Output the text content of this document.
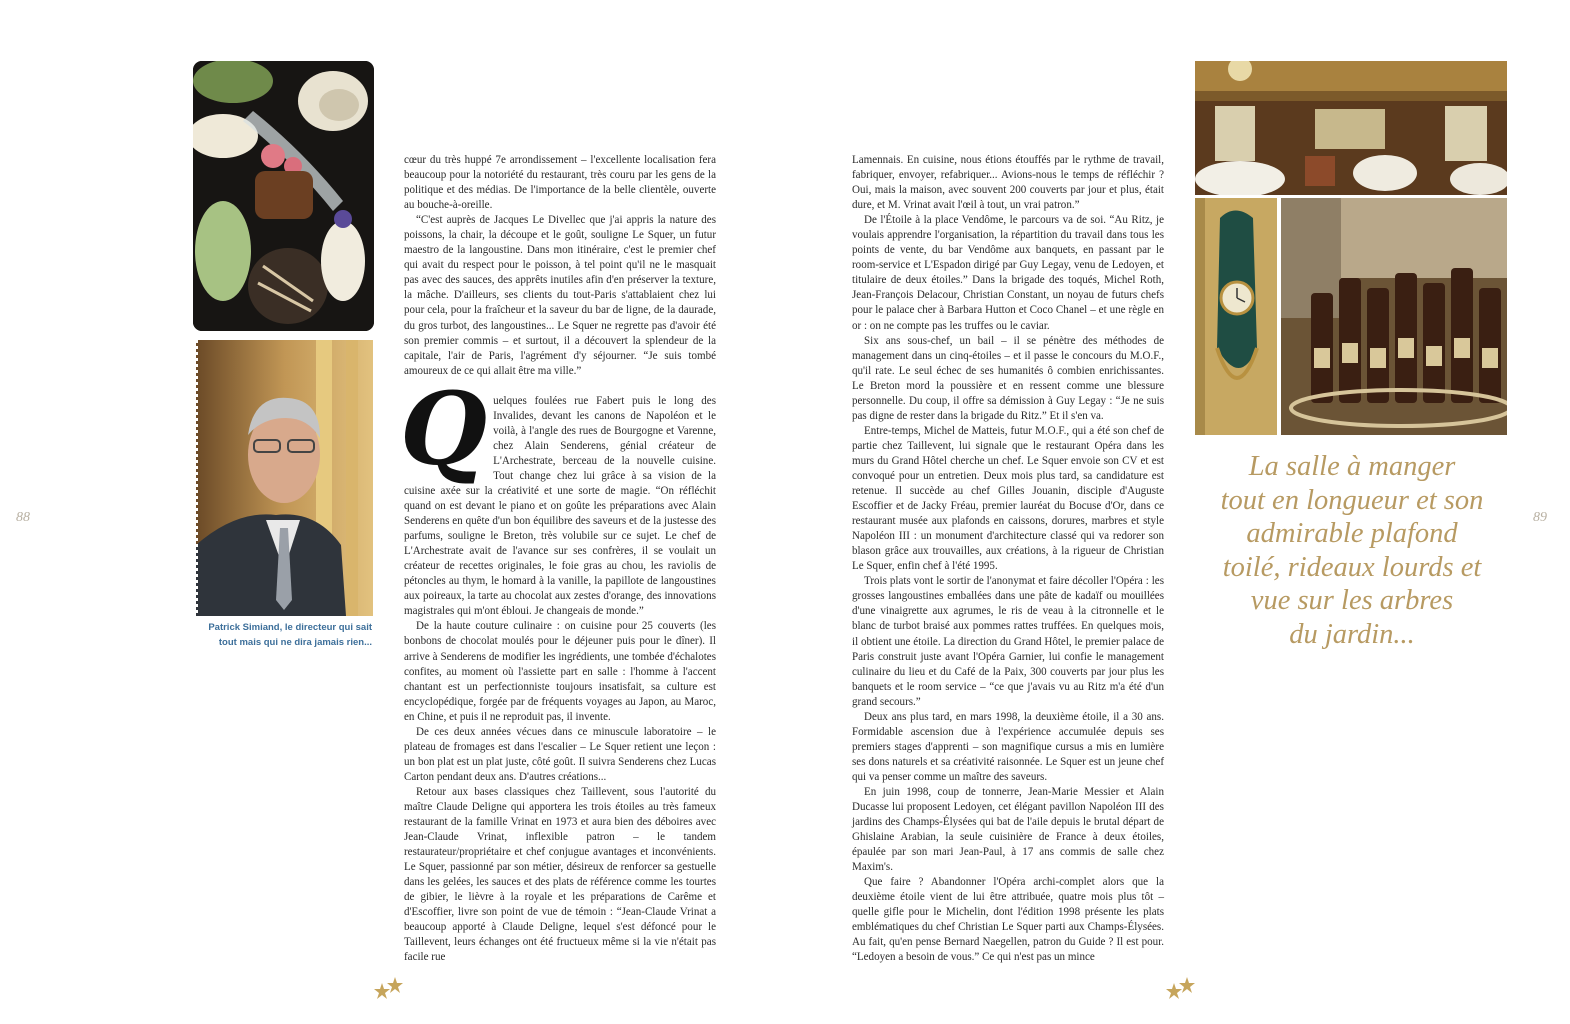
88	89
Patrick Simiand, le directeur qui sait
tout mais qui ne dira jamais rien...

cœur du très huppé 7e arrondissement – l'excellente localisation fera beaucoup pour la notoriété du restaurant, très couru par les gens de la politique et des médias. De l'importance de la belle clientèle, ouverte au bouche-à-oreille.

“C'est auprès de Jacques Le Divellec que j'ai appris la nature des poissons, la chair, la découpe et le goût, souligne Le Squer, un futur maestro de la langoustine. Dans mon itinéraire, c'est le premier chef qui avait du respect pour le poisson, à tel point qu'il ne le masquait pas avec des sauces, des apprêts inutiles afin d'en préserver la texture, la mâche. D'ailleurs, ses clients du tout-Paris s'attablaient chez lui pour cela, pour la fraîcheur et la saveur du bar de ligne, de la daurade, du gros turbot, des langoustines... Le Squer ne regrette pas d'avoir été son premier commis – et surtout, il a découvert la splendeur de la capitale, l'air de Paris, l'agrément d'y séjourner. “Je suis tombé amoureux de ce qui allait être ma ville.”

Quelques foulées rue Fabert puis le long des Invalides, devant les canons de Napoléon et le voilà, à l'angle des rues de Bourgogne et Varenne, chez Alain Senderens, génial créateur de L'Archestrate, berceau de la nouvelle cuisine. Tout change chez lui grâce à sa vision de la cuisine axée sur la créativité et une sorte de magie. “On réfléchit quand on est devant le piano et on goûte les préparations avec Alain Senderens en quête d'un bon équilibre des saveurs et de la justesse des parfums, souligne le Breton, très volubile sur ce sujet. Le chef de L'Archestrate avait de l'avance sur ses confrères, il se voulait un créateur de recettes originales, le foie gras au chou, les raviolis de pétoncles au thym, le homard à la vanille, la papillote de langoustines aux poireaux, la tarte au chocolat aux zestes d'orange, des innovations magistrales qui m'ont ébloui. Je changeais de monde.”

De la haute couture culinaire : on cuisine pour 25 couverts (les bonbons de chocolat moulés pour le déjeuner puis pour le dîner). Il arrive à Senderens de modifier les ingrédients, une tombée d'échalotes confites, au moment où l'assiette part en salle : l'homme à l'accent chantant est un perfectionniste toujours insatisfait, sa culture est encyclopédique, forgée par de fréquents voyages au Japon, au Maroc, en Chine, et puis il ne reproduit pas, il invente.

De ces deux années vécues dans ce minuscule laboratoire – le plateau de fromages est dans l'escalier – Le Squer retient une leçon : un bon plat est un plat juste, côté goût. Il suivra Senderens chez Lucas Carton pendant deux ans. D'autres créations...

Retour aux bases classiques chez Taillevent, sous l'autorité du maître Claude Deligne qui apportera les trois étoiles au très fameux restaurant de la famille Vrinat en 1973 et aura bien des déboires avec Jean-Claude Vrinat, inflexible patron – le tandem restaurateur/propriétaire et chef conjugue avantages et inconvénients. Le Squer, passionné par son métier, désireux de renforcer sa gestuelle dans les gelées, les sauces et des plats de référence comme les tourtes de gibier, le lièvre à la royale et les préparations de Carême et d'Escoffier, livre son point de vue de témoin : “Jean-Claude Vrinat a beaucoup apporté à Claude Deligne, lequel s'est défoncé pour le Taillevent, leurs échanges ont été fructueux même si la vie n'était pas facile rue

Lamennais. En cuisine, nous étions étouffés par le rythme de travail, fabriquer, envoyer, refabriquer... Avions-nous le temps de réfléchir ? Oui, mais la maison, avec souvent 200 couverts par jour et plus, était dure, et M. Vrinat avait l'œil à tout, un vrai patron.”

De l'Étoile à la place Vendôme, le parcours va de soi. “Au Ritz, je voulais apprendre l'organisation, la répartition du travail dans tous les points de vente, du bar Vendôme aux banquets, en passant par le room-service et L'Espadon dirigé par Guy Legay, venu de Ledoyen, et titulaire de deux étoiles.” Dans la brigade des toqués, Michel Roth, Jean-François Delacour, Christian Constant, un noyau de futurs chefs pour le palace cher à Barbara Hutton et Coco Chanel – et une règle en or : on ne compte pas les truffes ou le caviar.

Six ans sous-chef, un bail – il se pénètre des méthodes de management dans un cinq-étoiles – et il passe le concours du M.O.F., qu'il rate. Le seul échec de ses humanités ô combien enrichissantes. Le Breton mord la poussière et en ressent comme une blessure personnelle. Du coup, il offre sa démission à Guy Legay : “Je ne suis pas digne de rester dans la brigade du Ritz.” Et il s'en va.

Entre-temps, Michel de Matteis, futur M.O.F., qui a été son chef de partie chez Taillevent, lui signale que le restaurant Opéra dans les murs du Grand Hôtel cherche un chef. Le Squer envoie son CV et est convoqué pour un entretien. Deux mois plus tard, sa candidature est retenue. Il succède au chef Gilles Jouanin, disciple d'Auguste Escoffier et de Jacky Fréau, premier lauréat du Bocuse d'Or, dans ce restaurant musée aux plafonds en caissons, dorures, marbres et style Napoléon III : un monument d'architecture classé qui va redorer son blason grâce aux trouvailles, aux créations, à la rigueur de Christian Le Squer, enfin chef à l'été 1995.

Trois plats vont le sortir de l'anonymat et faire décoller l'Opéra : les grosses langoustines emballées dans une pâte de kadaïf ou mouillées d'une vinaigrette aux agrumes, le ris de veau à la citronnelle et le blanc de turbot braisé aux pommes rattes truffées. En quelques mois, il obtient une étoile. La direction du Grand Hôtel, le premier palace de Paris construit juste avant l'Opéra Garnier, lui confie le management culinaire du lieu et du Café de la Paix, 300 couverts par jour plus les banquets et le room service – “ce que j'avais vu au Ritz m'a été d'un grand secours.”

Deux ans plus tard, en mars 1998, la deuxième étoile, il a 30 ans. Formidable ascension due à l'expérience accumulée depuis ses premiers stages d'apprenti – son magnifique cursus a mis en lumière ses dons naturels et sa créativité raisonnée. Le Squer est un jeune chef qui va penser comme un maître des saveurs.

En juin 1998, coup de tonnerre, Jean-Marie Messier et Alain Ducasse lui proposent Ledoyen, cet élégant pavillon Napoléon III des jardins des Champs-Élysées qui bat de l'aile depuis le brutal départ de Ghislaine Arabian, la seule cuisinière de France à deux étoiles, épaulée par son mari Jean-Paul, à 17 ans commis de salle chez Maxim's.

Que faire ? Abandonner l'Opéra archi-complet alors que la deuxième étoile vient de lui être attribuée, quatre mois plus tôt – quelle gifle pour le Michelin, dont l'édition 1998 présente les plats emblématiques du chef Christian Le Squer parti aux Champs-Élysées. Au fait, qu'en pense Bernard Naegellen, patron du Guide ? Il est pour. “Ledoyen a besoin de vous.” Ce qui n'est pas un mince

La salle à manger
tout en longueur et son
admirable plafond
toilé, rideaux lourds et
vue sur les arbres
du jardin...
